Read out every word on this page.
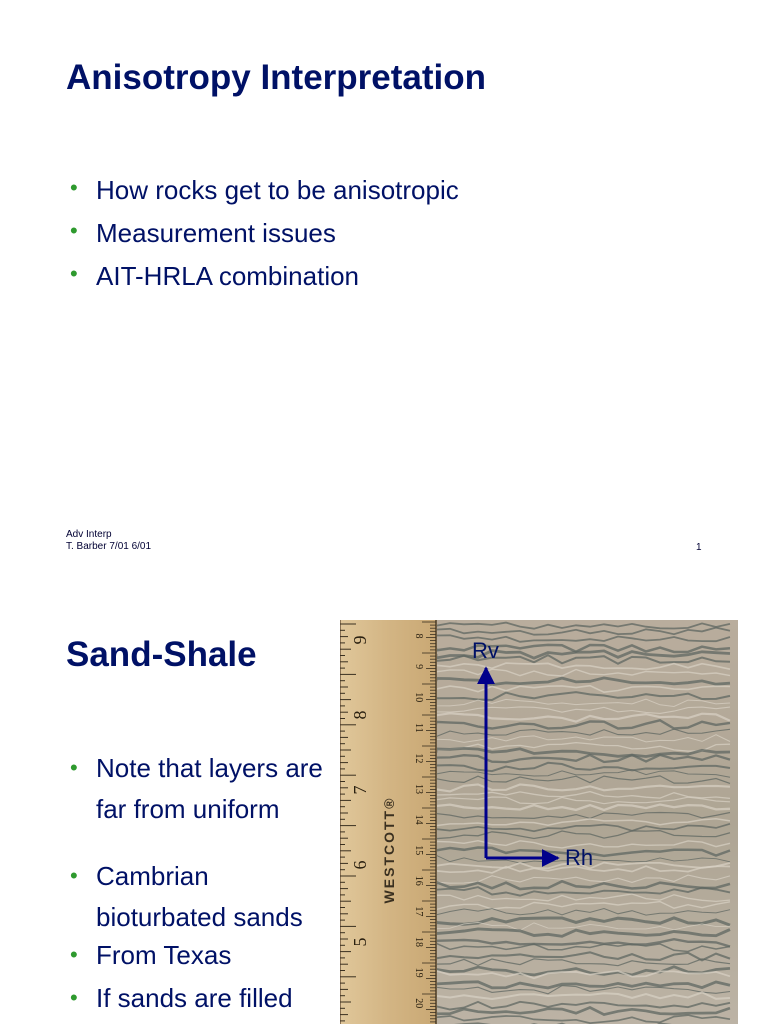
Anisotropy Interpretation
• How rocks get to be anisotropic
• Measurement issues
• AIT-HRLA combination
Adv Interp
T. Barber 7/01 6/01	1
Sand-Shale
• Note that layers are far from uniform
• Cambrian bioturbated sands
• From Texas
• If sands are filled
9
8
7
6
5
8
9
10
11
12
13
14
15
16
17
18
19
20
WESTCOTT®
Rv
Rh
